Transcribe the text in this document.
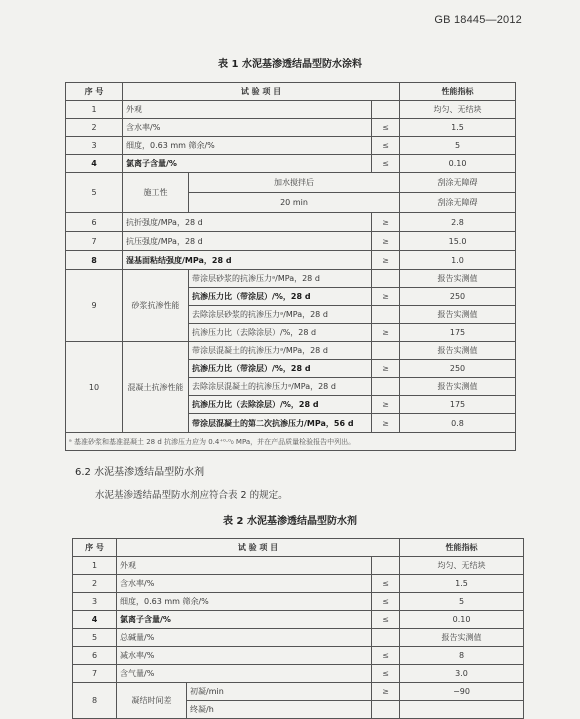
GB 18445—2012
表 1 水泥基渗透结晶型防水涂料
序 号	试 验 项 目			性能指标
1	外观			均匀、无结块
2	含水率/%		≤	1.5
3	细度，0.63 mm 筛余/%		≤	5
4	氯离子含量/%		≤	0.10
5	施工性	加水搅拌后		刮涂无障碍
		20 min		刮涂无障碍
6	抗折强度/MPa，28 d		≥	2.8
7	抗压强度/MPa，28 d		≥	15.0
8	湿基面粘结强度/MPa，28 d		≥	1.0
9	砂浆抗渗性能	带涂层砂浆的抗渗压力ᵃ/MPa，28 d		报告实测值
		抗渗压力比（带涂层）/%，28 d	≥	250
		去除涂层砂浆的抗渗压力ᵃ/MPa，28 d		报告实测值
		抗渗压力比（去除涂层）/%，28 d	≥	175
10	混凝土抗渗性能	带涂层混凝土的抗渗压力ᵃ/MPa，28 d		报告实测值
		抗渗压力比（带涂层）/%，28 d	≥	250
		去除涂层混凝土的抗渗压力ᵃ/MPa，28 d		报告实测值
		抗渗压力比（去除涂层）/%，28 d	≥	175
		带涂层混凝土的第二次抗渗压力/MPa，56 d	≥	0.8
ᵃ 基准砂浆和基准混凝土 28 d 抗渗压力应为 0.4⁺⁰·⁰₀ MPa，并在产品质量检验报告中列出。				
6.2 水泥基渗透结晶型防水剂
水泥基渗透结晶型防水剂应符合表 2 的规定。
表 2 水泥基渗透结晶型防水剂
序 号	试 验 项 目			性能指标
1	外观			均匀、无结块
2	含水率/%		≤	1.5
3	细度，0.63 mm 筛余/%		≤	5
4	氯离子含量/%		≤	0.10
5	总碱量/%			报告实测值
6	减水率/%		≤	8
7	含气量/%		≤	3.0
8	凝结时间差	初凝/min	≥	−90
		终凝/h		
